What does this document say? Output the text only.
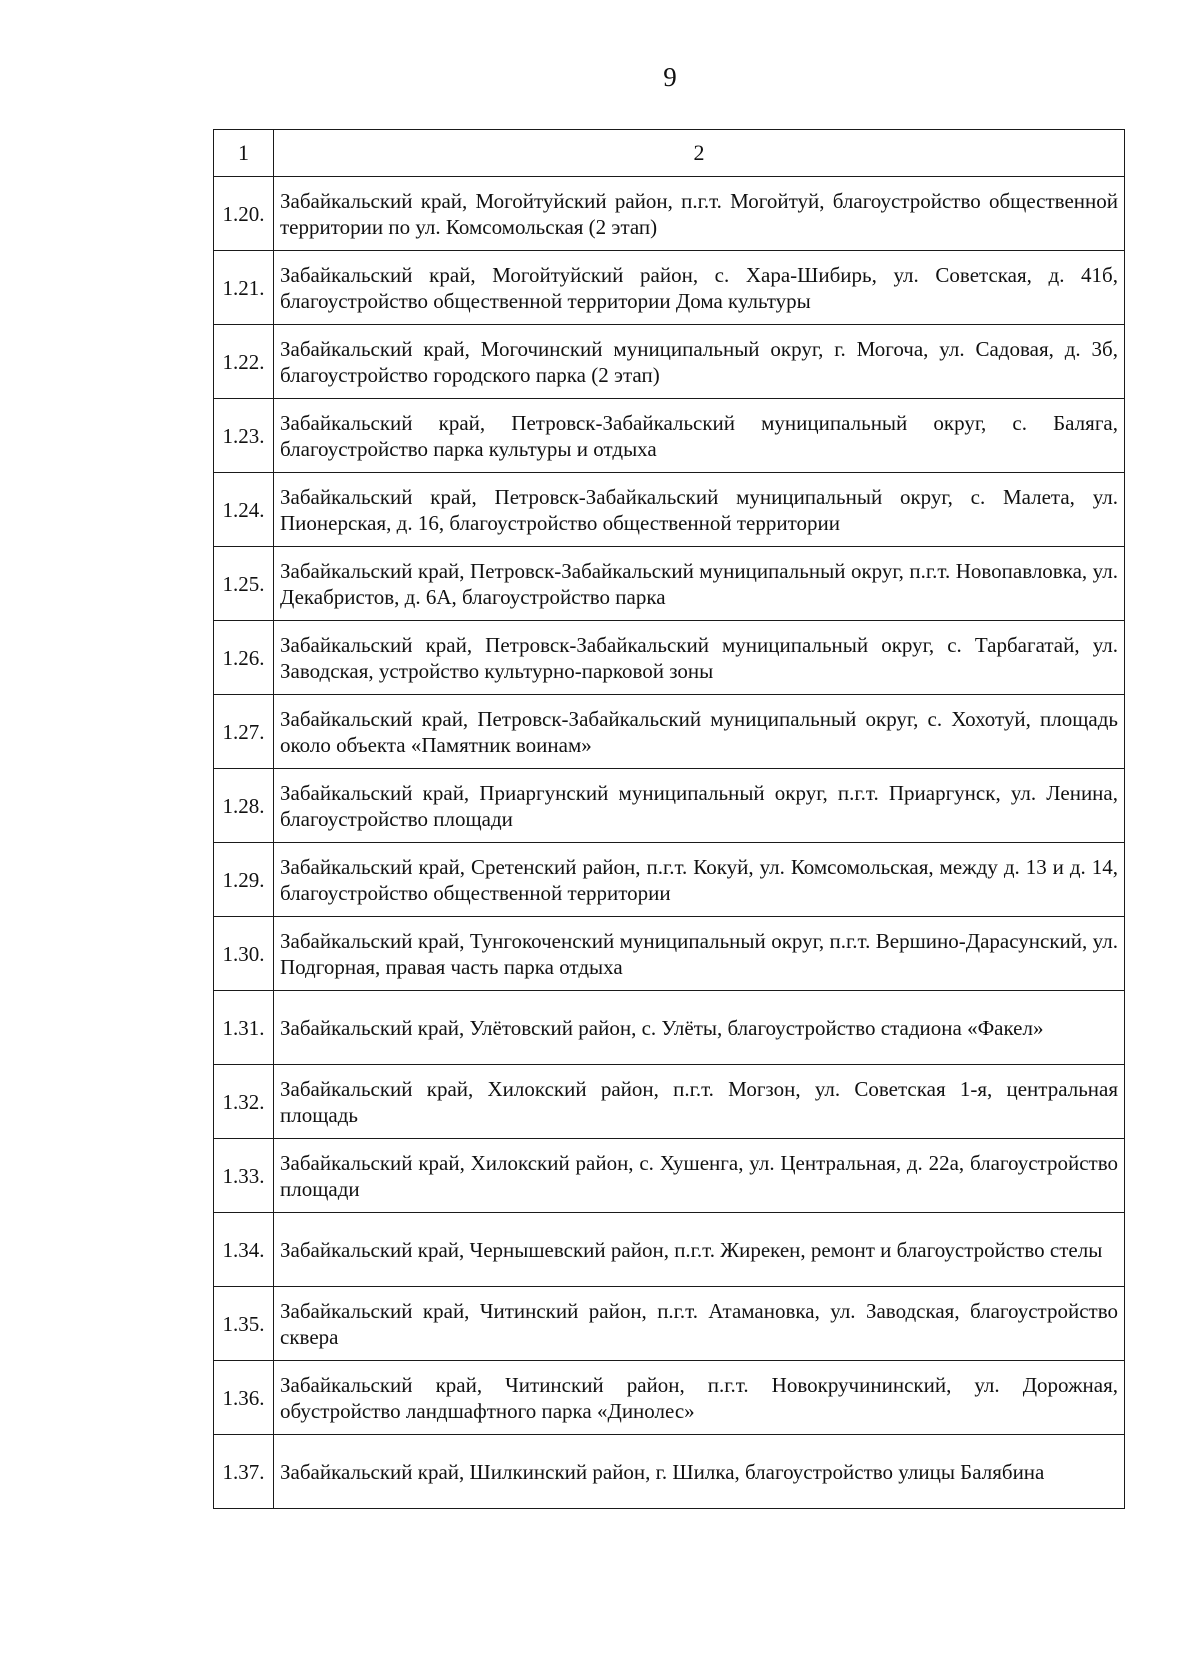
9
1	2
1.20.	Забайкальский край, Могойтуйский район, п.г.т. Могойтуй, благоустройство общественной территории по ул. Комсомольская (2 этап)
1.21.	Забайкальский край, Могойтуйский район, с. Хара-Шибирь, ул. Советская, д. 41б, благоустройство общественной территории Дома культуры
1.22.	Забайкальский край, Могочинский муниципальный округ, г. Могоча, ул. Садовая, д. 3б, благоустройство городского парка (2 этап)
1.23.	Забайкальский край, Петровск-Забайкальский муниципальный округ, с. Баляга, благоустройство парка культуры и отдыха
1.24.	Забайкальский край, Петровск-Забайкальский муниципальный округ, с. Малета, ул. Пионерская, д. 16, благоустройство общественной территории
1.25.	Забайкальский край, Петровск-Забайкальский муниципальный округ, п.г.т. Новопавловка, ул. Декабристов, д. 6А, благоустройство парка
1.26.	Забайкальский край, Петровск-Забайкальский муниципальный округ, с. Тарбагатай, ул. Заводская, устройство культурно-парковой зоны
1.27.	Забайкальский край, Петровск-Забайкальский муниципальный округ, с. Хохотуй, площадь около объекта «Памятник воинам»
1.28.	Забайкальский край, Приаргунский муниципальный округ, п.г.т. Приаргунск, ул. Ленина, благоустройство площади
1.29.	Забайкальский край, Сретенский район, п.г.т. Кокуй, ул. Комсомольская, между д. 13 и д. 14, благоустройство общественной территории
1.30.	Забайкальский край, Тунгокоченский муниципальный округ, п.г.т. Вершино-Дарасунский, ул. Подгорная, правая часть парка отдыха
1.31.	Забайкальский край, Улётовский район, с. Улёты, благоустройство стадиона «Факел»
1.32.	Забайкальский край, Хилокский район, п.г.т. Могзон, ул. Советская 1-я, центральная площадь
1.33.	Забайкальский край, Хилокский район, с. Хушенга, ул. Центральная, д. 22а, благоустройство площади
1.34.	Забайкальский край, Чернышевский район, п.г.т. Жирекен, ремонт и благоустройство стелы
1.35.	Забайкальский край, Читинский район, п.г.т. Атамановка, ул. Заводская, благоустройство сквера
1.36.	Забайкальский край, Читинский район, п.г.т. Новокручининский, ул. Дорожная, обустройство ландшафтного парка «Динолес»
1.37.	Забайкальский край, Шилкинский район, г. Шилка, благоустройство улицы Балябина
